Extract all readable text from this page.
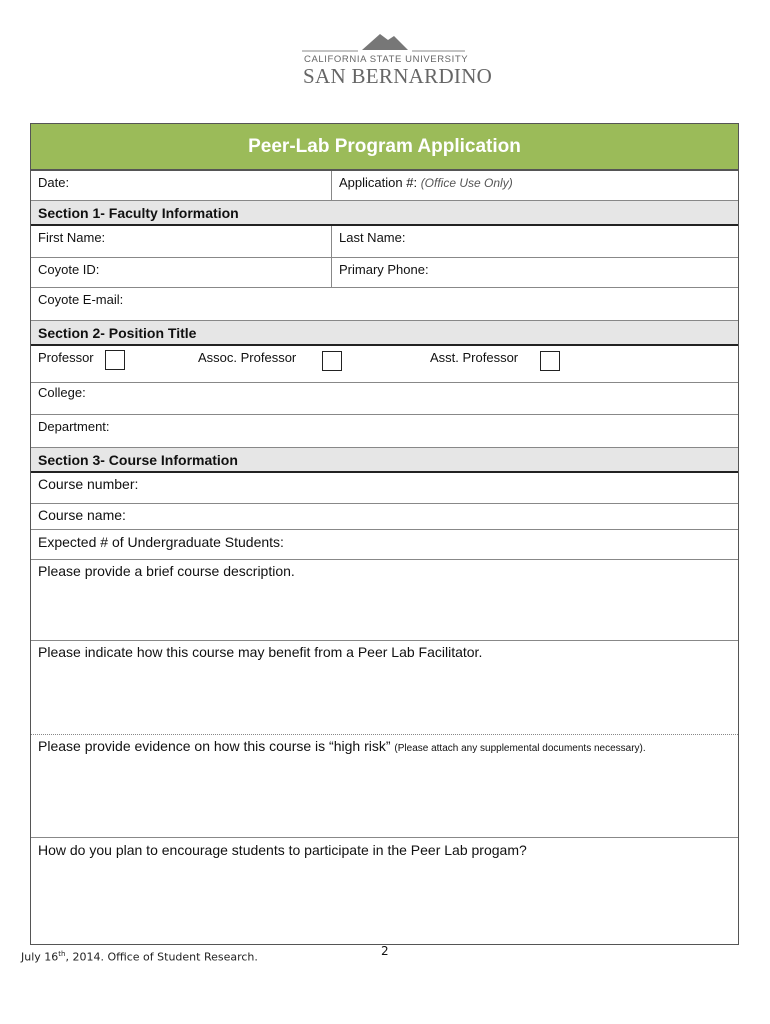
CALIFORNIA STATE UNIVERSITY
SAN BERNARDINO
Peer-Lab Program Application
Date:	Application #: (Office Use Only)
Section 1- Faculty Information
First Name:	Last Name:
Coyote ID:	Primary Phone:
Coyote E-mail:
Section 2- Position Title
Professor	Assoc. Professor	Asst. Professor
College:
Department:
Section 3- Course Information
Course number:
Course name:
Expected # of Undergraduate Students:
Please provide a brief course description.
Please indicate how this course may benefit from a Peer Lab Facilitator.
Please provide evidence on how this course is “high risk” (Please attach any supplemental documents necessary).
How do you plan to encourage students to participate in the Peer Lab progam?
July 16th, 2014. Office of Student Research.	2
